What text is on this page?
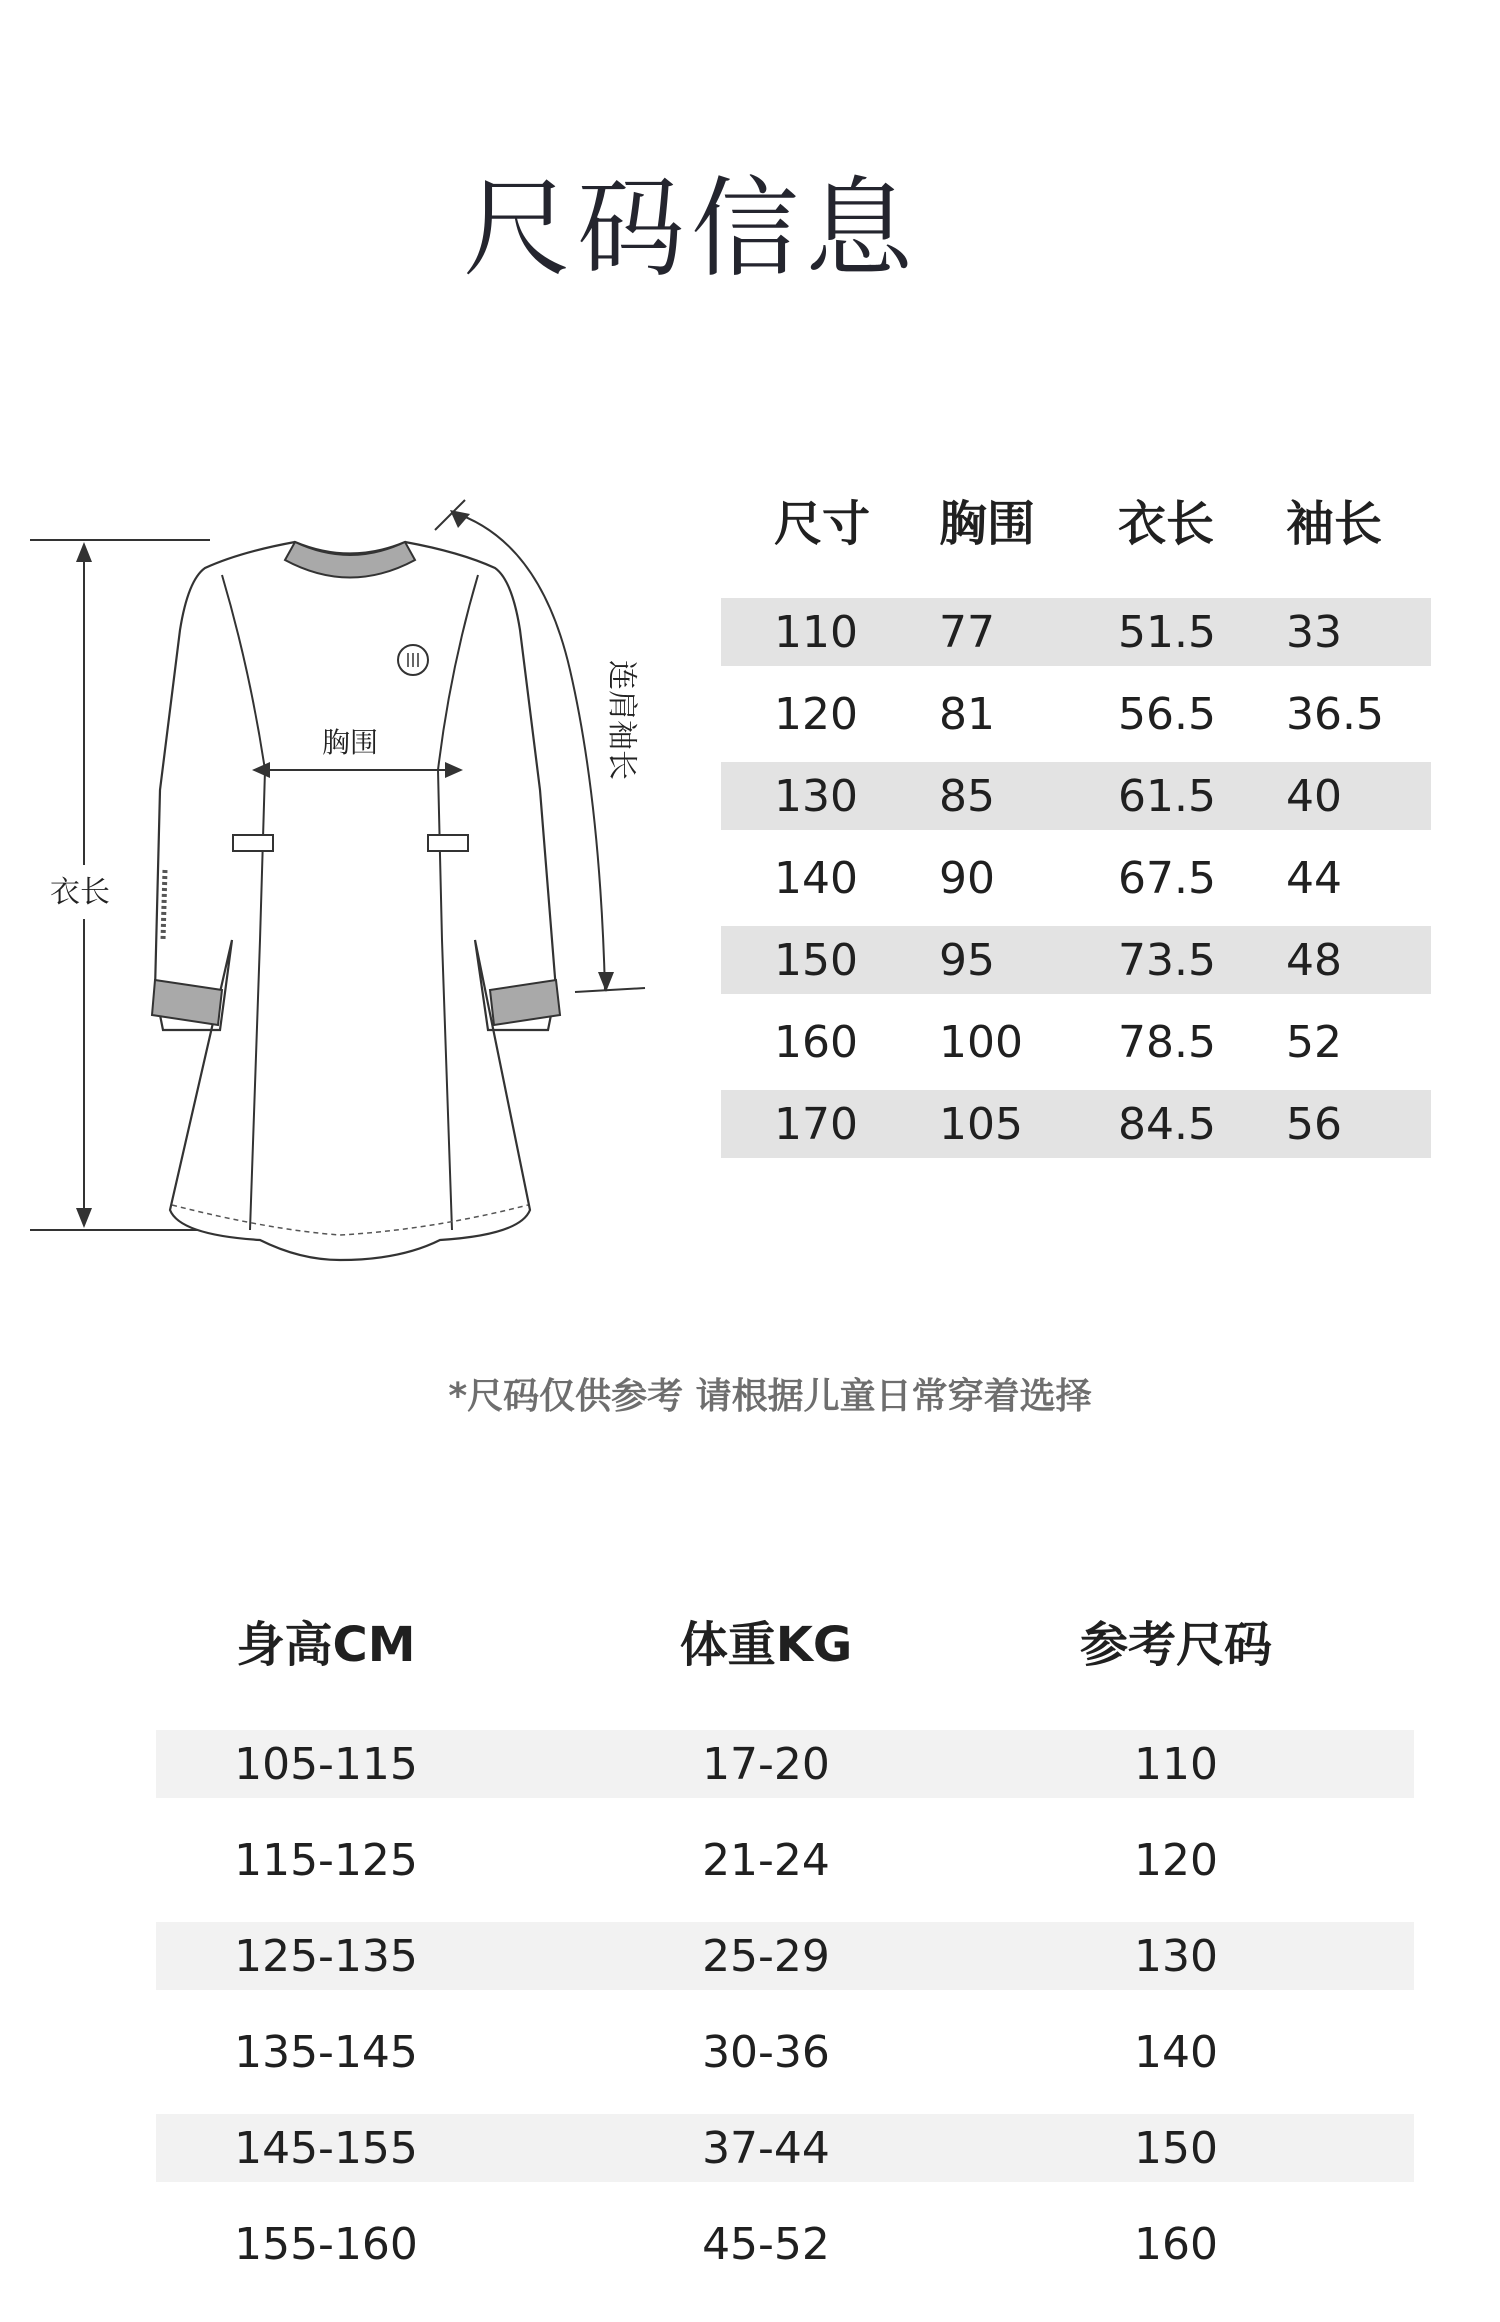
尺码信息
衣长
连肩袖长
胸围
尺寸 胸围 衣长 袖长
110 77	51.5 33
120 81	56.5 36.5
130 85	61.5 40
140 90	67.5 44
150 95	73.5 48
160 100 78.5 52
170 105 84.5 56
*尺码仅供参考 请根据儿童日常穿着选择
身高CM	体重KG	参考尺码
105-115	17-20	110
115-125	21-24	120
125-135	25-29	130
135-145	30-36	140
145-155	37-44	150
155-160	45-52	160
